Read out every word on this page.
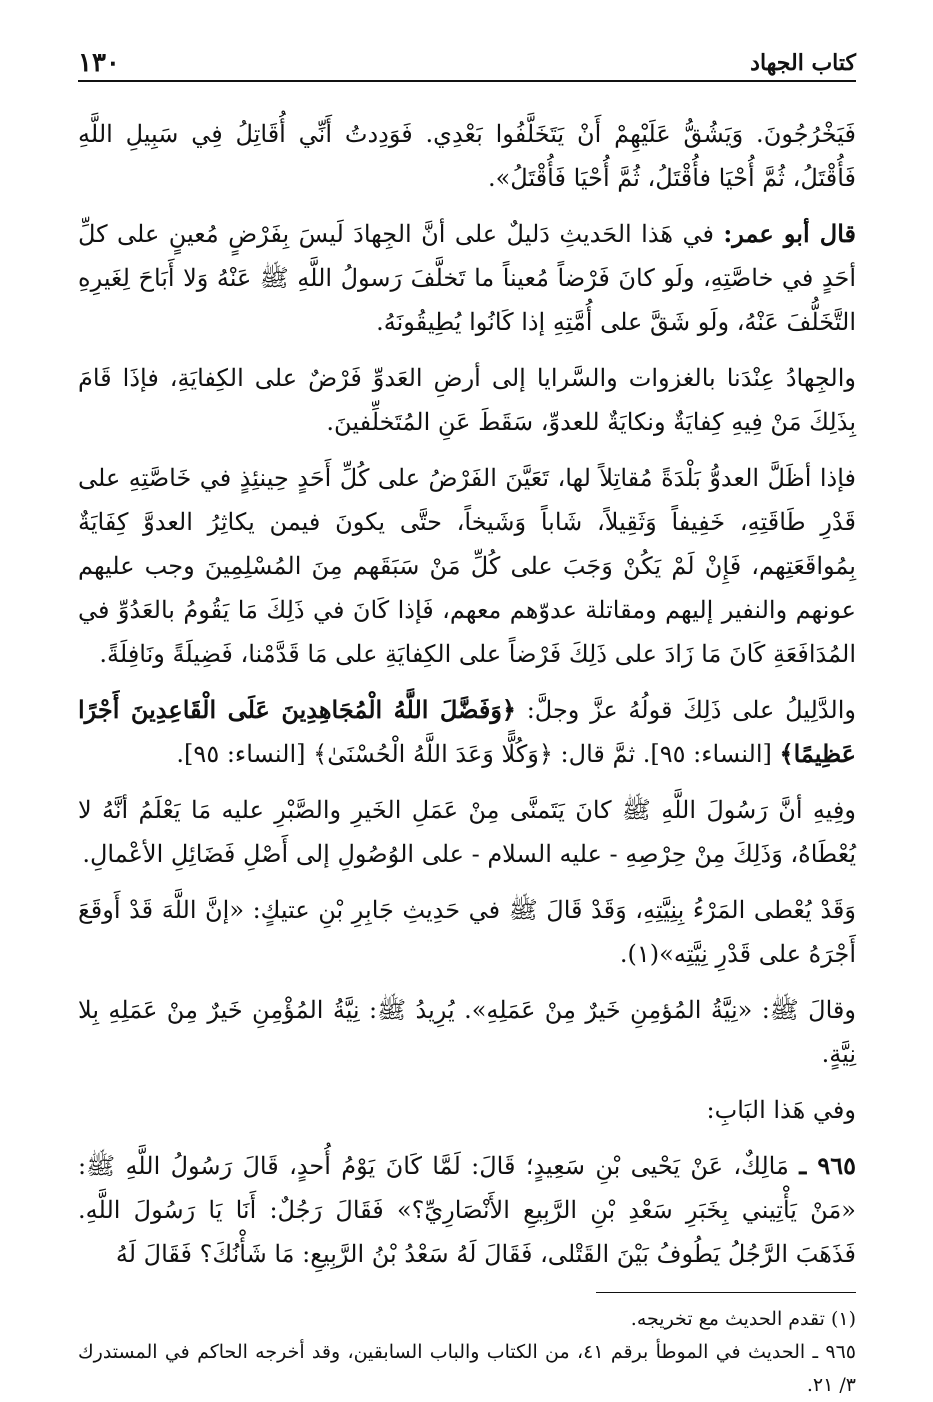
كتاب الجهاد
١٣٠

فَيَخْرُجُونَ. وَيَشُقُّ عَلَيْهِمْ أَنْ يَتَخَلَّفُوا بَعْدِي. فَوَدِدتُ أَنِّي أُقَاتِلُ فِي سَبِيلِ اللَّهِ فَأُقْتَلُ، ثُمَّ أُحْيَا فأُقْتَلُ، ثُمَّ أُحْيَا فَأُقْتَلُ».

قال أبو عمر: في هَذا الحَديثِ دَليلٌ على أنَّ الجِهادَ لَيسَ بِفَرْضٍ مُعينٍ على كلِّ أحَدٍ في خاصَّتِهِ، ولَو كانَ فَرْضاً مُعيناً ما تَخلَّفَ رَسولُ اللَّهِ ﷺ عَنْهُ وَلا أَبَاحَ لِغَيرِهِ التَّخَلُّفَ عَنْهُ، ولَو شَقَّ على أُمَّتِهِ إذا كَانُوا يُطِيقُونَهُ.

والجِهادُ عِنْدَنا بالغزوات والسَّرايا إلى أرضِ العَدوِّ فَرْضٌ على الكِفايَةِ، فإذَا قَامَ بِذَلِكَ مَنْ فِيهِ كِفايَةٌ ونكايَةٌ للعدوِّ، سَقَطَ عَنِ المُتَخلِّفينَ.

فإذا أظَلَّ العدوُّ بَلْدَةً مُقاتِلاً لها، تَعَيَّنَ الفَرْضُ على كُلِّ أَحَدٍ حِينئِذٍ في خَاصَّتِهِ على قَدْرِ طَاقَتِهِ، خَفِيفاً وَثَقِيلاً، شَاباً وَشَيخاً، حتَّى يكونَ فيمن يكاثِرُ العدوَّ كِفَايَةٌ بِمُواقَعَتِهم، فَإِنْ لَمْ يَكُنْ وَجَبَ على كُلِّ مَنْ سَبَقَهم مِنَ المُسْلِمِينَ وجب عليهم عونهم والنفير إليهم ومقاتلة عدوّهم معهم، فَإذا كَانَ في ذَلِكَ مَا يَقُومُ بالعَدُوِّ في المُدَافَعَةِ كَانَ مَا زَادَ على ذَلِكَ فَرْضاً على الكِفايَةِ على مَا قَدَّمْنا، فَضِيلَةً ونَافِلَةً.

والدَّلِيلُ على ذَلِكَ قولُهُ عزَّ وجلَّ: ﴿وَفَضَّلَ اللَّهُ الْمُجَاهِدِينَ عَلَى الْقَاعِدِينَ أَجْرًا عَظِيمًا﴾ [النساء: ٩٥]. ثمَّ قال: ﴿وَكُلًّا وَعَدَ اللَّهُ الْحُسْنَىٰ﴾ [النساء: ٩٥].

وفِيهِ أنَّ رَسُولَ اللَّهِ ﷺ كانَ يَتَمنَّى مِنْ عَمَلِ الخَيرِ والصَّبْرِ عليه مَا يَعْلَمُ أنَّهُ لا يُعْطَاهُ، وَذَلِكَ مِنْ حِرْصِهِ - عليه السلام - على الوُصُولِ إلى أَصْلِ فَضَائِلِ الأعْمالِ.

وَقَدْ يُعْطى المَرْءُ بِنِيَّتِهِ، وَقَدْ قَالَ ﷺ في حَدِيثِ جَابِرِ بْنِ عتيكٍ: «إنَّ اللَّهَ قَدْ أَوقَعَ أَجْرَهُ على قَدْرِ نِيَّتِه»(١).

وقالَ ﷺ: «نِيَّةُ المُؤمِنِ خَيرٌ مِنْ عَمَلِهِ». يُرِيدُ ﷺ: نِيَّةُ المُؤْمِنِ خَيرٌ مِنْ عَمَلِهِ بِلا نِيَّةٍ.

وفي هَذا البَابِ:

٩٦٥ ـ مَالِكٌ، عَنْ يَحْيى بْنِ سَعِيدٍ؛ قَالَ: لَمَّا كَانَ يَوْمُ أُحدٍ، قَالَ رَسُولُ اللَّهِ ﷺ: «مَنْ يَأْتِيني بِخَبَرِ سَعْدِ بْنِ الرَّبِيعِ الأَنْصَارِيِّ؟» فَقَالَ رَجُلٌ: أَنَا يَا رَسُولَ اللَّهِ. فَذَهَبَ الرَّجُلُ يَطُوفُ بَيْنَ القَتْلى، فَقَالَ لَهُ سَعْدُ بْنُ الرَّبِيعِ: مَا شَأْنُكَ؟ فَقَالَ لَهُ

(١) تقدم الحديث مع تخريجه.

٩٦٥ ـ الحديث في الموطأ برقم ٤١، من الكتاب والباب السابقين، وقد أخرجه الحاكم في المستدرك ٣/ ٢١.
